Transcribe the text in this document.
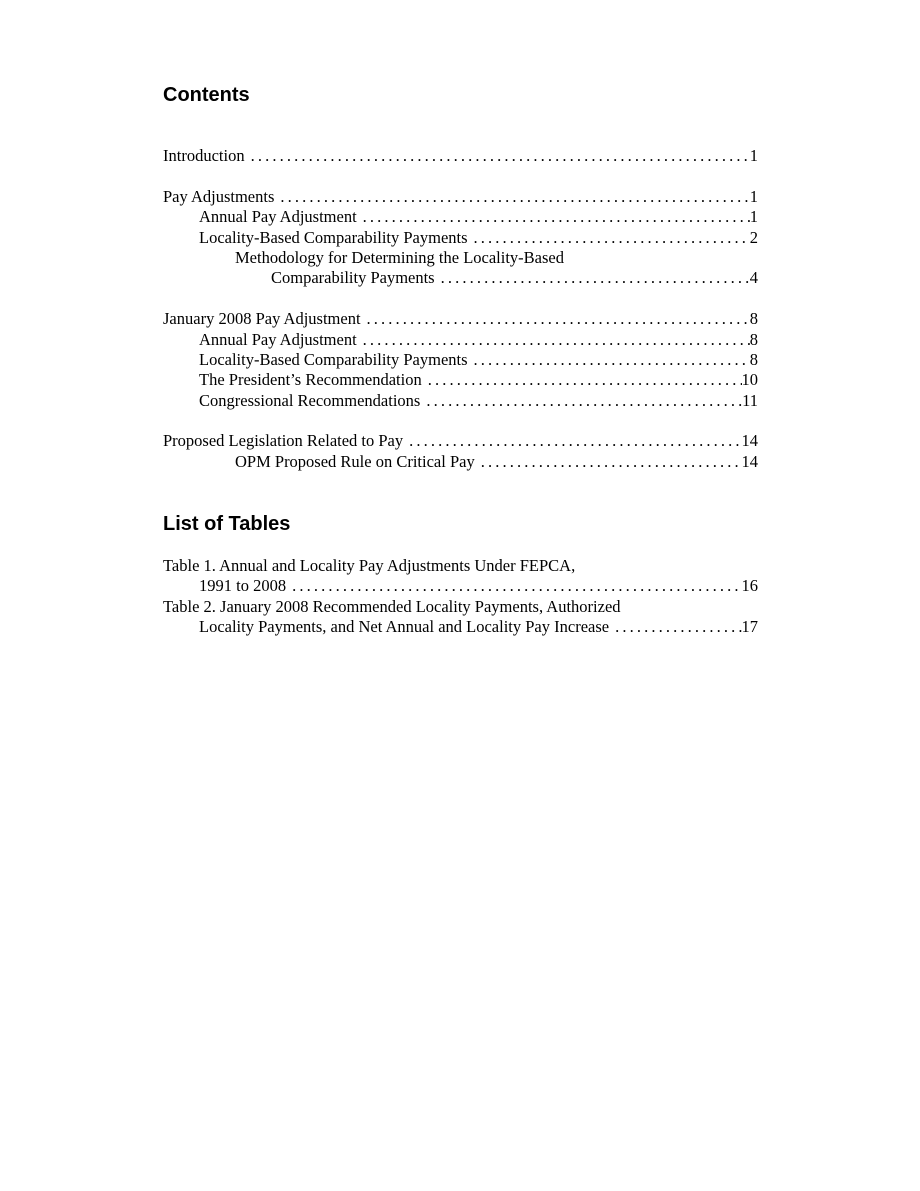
Contents
Introduction . . .	1
Pay Adjustments . . .	1
Annual Pay Adjustment . . .	1
Locality-Based Comparability Payments . . .	2
Methodology for Determining the Locality-Based
Comparability Payments . . .	4
January 2008 Pay Adjustment . . .	8
Annual Pay Adjustment . . .	8
Locality-Based Comparability Payments . . .	8
The President’s Recommendation . . .	10
Congressional Recommendations . . .	11
Proposed Legislation Related to Pay . . .	14
OPM Proposed Rule on Critical Pay . . .	14
List of Tables
Table 1. Annual and Locality Pay Adjustments Under FEPCA,
1991 to 2008 . . .	16
Table 2. January 2008 Recommended Locality Payments, Authorized
Locality Payments, and Net Annual and Locality Pay Increase . . .	17
